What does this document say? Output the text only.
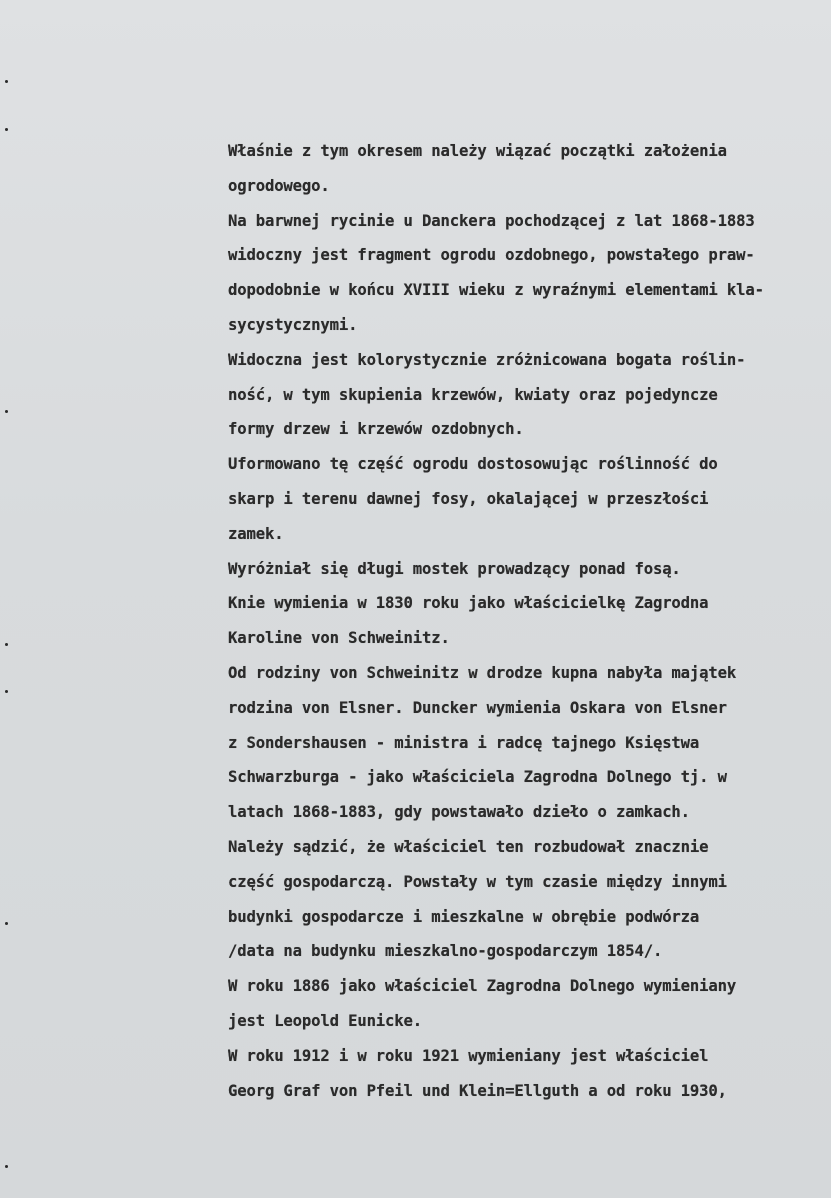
Właśnie z tym okresem należy wiązać początki założenia
ogrodowego.
Na barwnej rycinie u Danckera pochodzącej z lat 1868-1883
widoczny jest fragment ogrodu ozdobnego, powstałego praw-
dopodobnie w końcu XVIII wieku z wyraźnymi elementami kla-
sycystycznymi.
Widoczna jest kolorystycznie zróżnicowana bogata roślin-
ność, w tym skupienia krzewów, kwiaty oraz pojedyncze
formy drzew i krzewów ozdobnych.
Uformowano tę część ogrodu dostosowując roślinność do
skarp i terenu dawnej fosy, okalającej w przeszłości
zamek.
Wyróżniał się długi mostek prowadzący ponad fosą.
Knie wymienia w 1830 roku jako właścicielkę Zagrodna
Karoline von Schweinitz.
Od rodziny von Schweinitz w drodze kupna nabyła majątek
rodzina von Elsner. Duncker wymienia Oskara von Elsner
z Sondershausen - ministra i radcę tajnego Księstwa
Schwarzburga - jako właściciela Zagrodna Dolnego tj. w
latach 1868-1883, gdy powstawało dzieło o zamkach.
Należy sądzić, że właściciel ten rozbudował znacznie
część gospodarczą. Powstały w tym czasie między innymi
budynki gospodarcze i mieszkalne w obrębie podwórza
/data na budynku mieszkalno-gospodarczym 1854/.
W roku 1886 jako właściciel Zagrodna Dolnego wymieniany
jest Leopold Eunicke.
W roku 1912 i w roku 1921 wymieniany jest właściciel
Georg Graf von Pfeil und Klein=Ellguth a od roku 1930,
